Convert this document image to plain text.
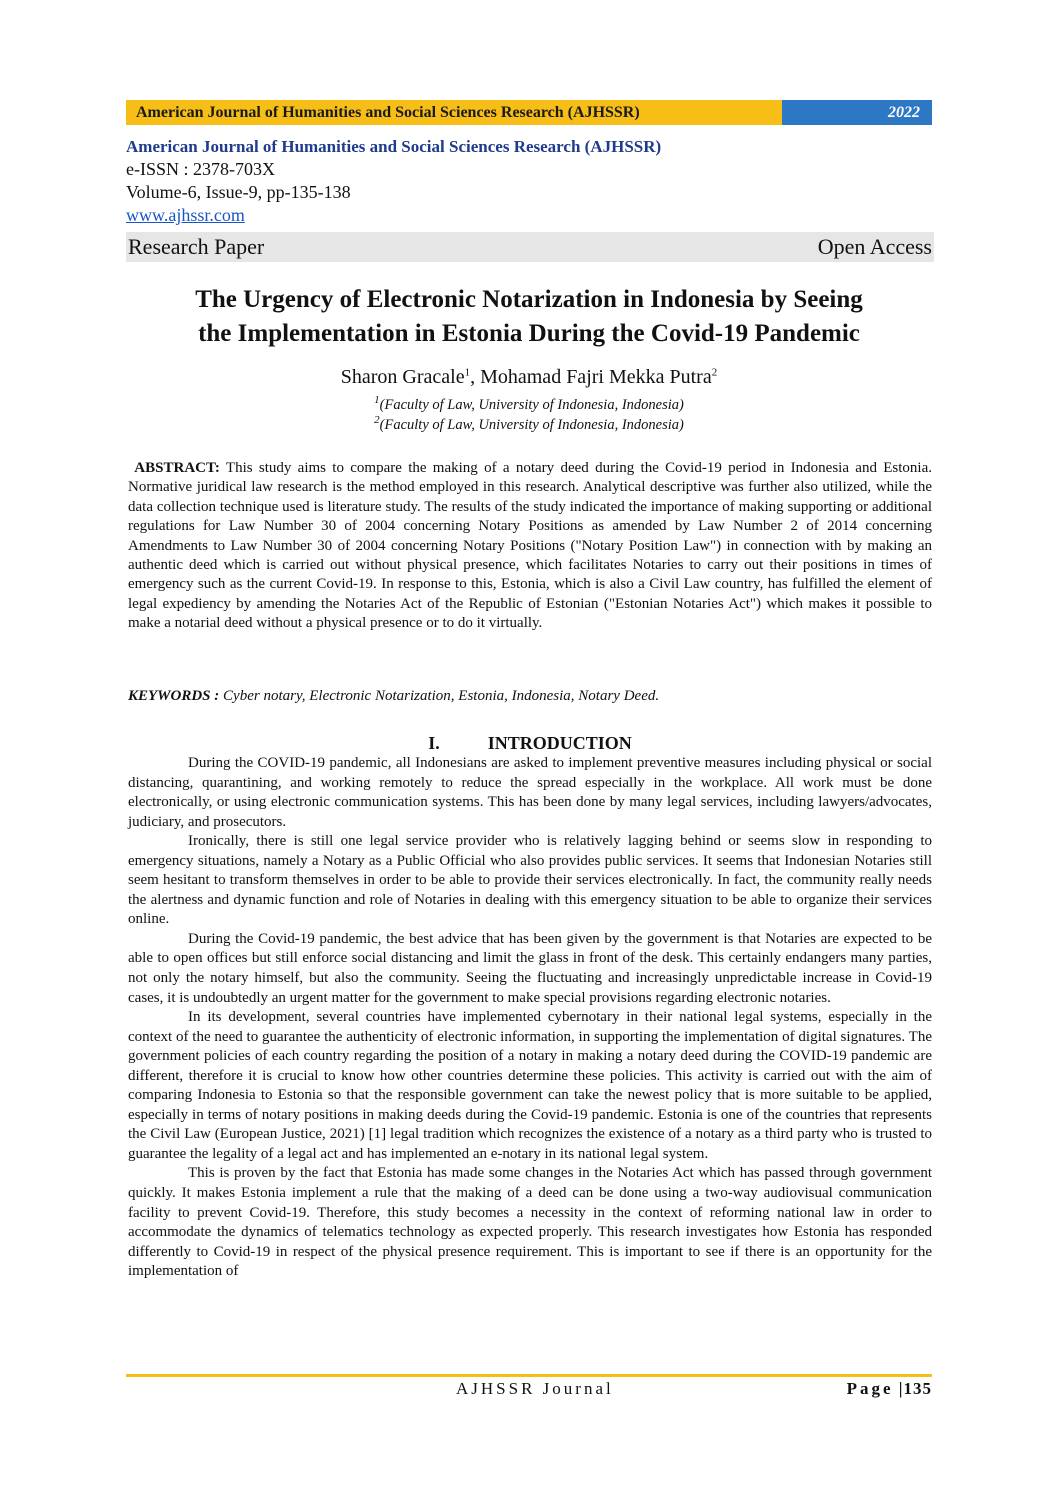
American Journal of Humanities and Social Sciences Research (AJHSSR)	2022
American Journal of Humanities and Social Sciences Research (AJHSSR)
e-ISSN : 2378-703X
Volume-6, Issue-9, pp-135-138
www.ajhssr.com
Research Paper	Open Access
The Urgency of Electronic Notarization in Indonesia by Seeing
the Implementation in Estonia During the Covid-19 Pandemic
Sharon Gracale$^1$, Mohamad Fajri Mekka Putra$^2$
$^1$(Faculty of Law, University of Indonesia, Indonesia)
$^2$(Faculty of Law, University of Indonesia, Indonesia)
ABSTRACT: This study aims to compare the making of a notary deed during the Covid-19 period in Indonesia and Estonia. Normative juridical law research is the method employed in this research. Analytical descriptive was further also utilized, while the data collection technique used is literature study. The results of the study indicated the importance of making supporting or additional regulations for Law Number 30 of 2004 concerning Notary Positions as amended by Law Number 2 of 2014 concerning Amendments to Law Number 30 of 2004 concerning Notary Positions ("Notary Position Law") in connection with by making an authentic deed which is carried out without physical presence, which facilitates Notaries to carry out their positions in times of emergency such as the current Covid-19. In response to this, Estonia, which is also a Civil Law country, has fulfilled the element of legal expediency by amending the Notaries Act of the Republic of Estonian ("Estonian Notaries Act") which makes it possible to make a notarial deed without a physical presence or to do it virtually.
KEYWORDS : Cyber notary, Electronic Notarization, Estonia, Indonesia, Notary Deed.
I.	INTRODUCTION

During the COVID-19 pandemic, all Indonesians are asked to implement preventive measures including physical or social distancing, quarantining, and working remotely to reduce the spread especially in the workplace. All work must be done electronically, or using electronic communication systems. This has been done by many legal services, including lawyers/advocates, judiciary, and prosecutors.

Ironically, there is still one legal service provider who is relatively lagging behind or seems slow in responding to emergency situations, namely a Notary as a Public Official who also provides public services. It seems that Indonesian Notaries still seem hesitant to transform themselves in order to be able to provide their services electronically. In fact, the community really needs the alertness and dynamic function and role of Notaries in dealing with this emergency situation to be able to organize their services online.

During the Covid-19 pandemic, the best advice that has been given by the government is that Notaries are expected to be able to open offices but still enforce social distancing and limit the glass in front of the desk. This certainly endangers many parties, not only the notary himself, but also the community. Seeing the fluctuating and increasingly unpredictable increase in Covid-19 cases, it is undoubtedly an urgent matter for the government to make special provisions regarding electronic notaries.

In its development, several countries have implemented cybernotary in their national legal systems, especially in the context of the need to guarantee the authenticity of electronic information, in supporting the implementation of digital signatures. The government policies of each country regarding the position of a notary in making a notary deed during the COVID-19 pandemic are different, therefore it is crucial to know how other countries determine these policies. This activity is carried out with the aim of comparing Indonesia to Estonia so that the responsible government can take the newest policy that is more suitable to be applied, especially in terms of notary positions in making deeds during the Covid-19 pandemic. Estonia is one of the countries that represents the Civil Law (European Justice, 2021) [1] legal tradition which recognizes the existence of a notary as a third party who is trusted to guarantee the legality of a legal act and has implemented an e-notary in its national legal system.

This is proven by the fact that Estonia has made some changes in the Notaries Act which has passed through government quickly. It makes Estonia implement a rule that the making of a deed can be done using a two-way audiovisual communication facility to prevent Covid-19. Therefore, this study becomes a necessity in the context of reforming national law in order to accommodate the dynamics of telematics technology as expected properly. This research investigates how Estonia has responded differently to Covid-19 in respect of the physical presence requirement. This is important to see if there is an opportunity for the implementation of

AJHSSR Journal	Page |135
